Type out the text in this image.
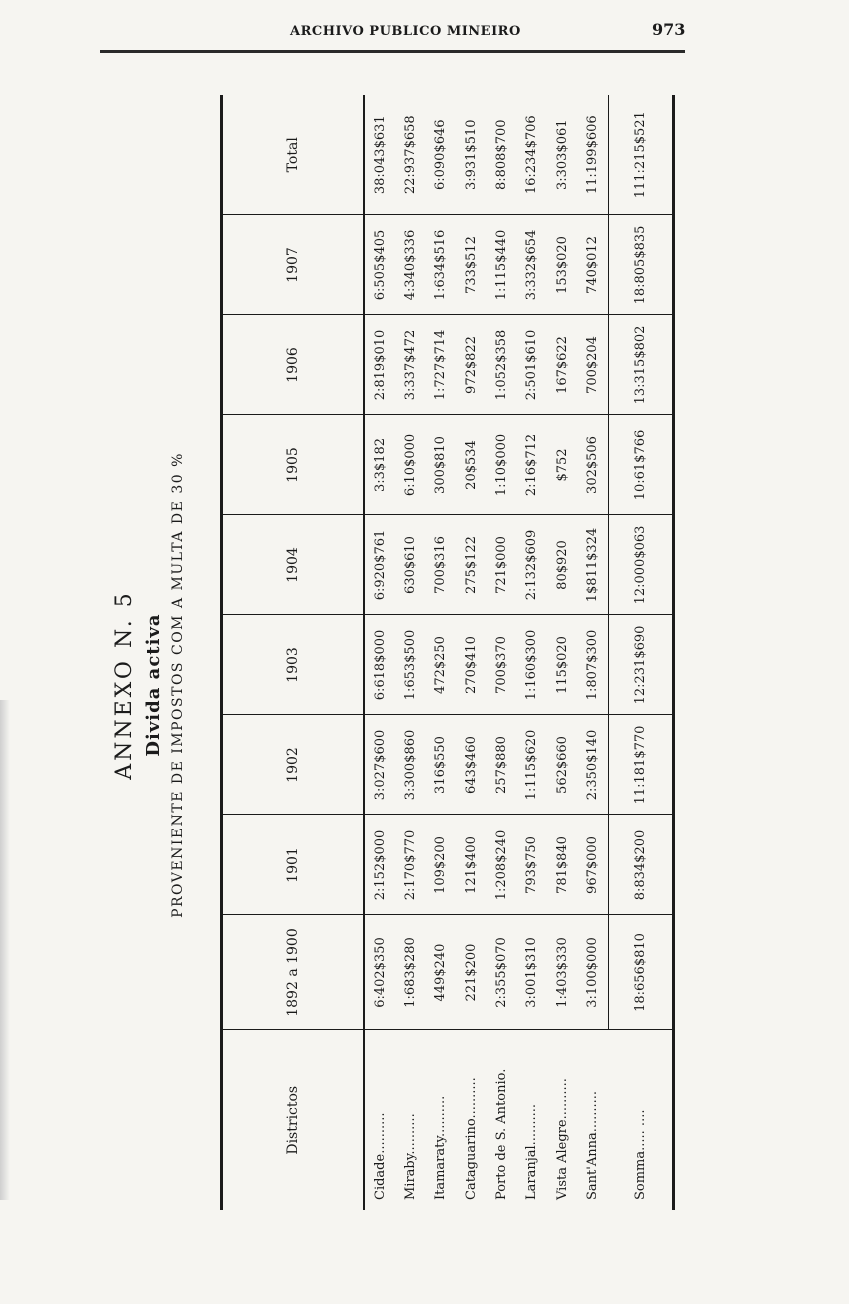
ARCHIVO PUBLICO MINEIRO	973
ANNEXO N. 5 Divida activa PROVENIENTE DE IMPOSTOS COM A MULTA DE 30 %
Districtos	1892 a 1900	1901	1902	1903	1904	1905	1906	1907	Total
Cidade..........	6:402$350	2:152$000	3:027$600	6:618$000	6:920$761	3:3$182	2:819$010	6:505$405	38:043$631
Miraby..........	1:683$280	2:170$770	3:300$860	1:653$500	630$610	6:10$000	3:337$472	4:340$336	22:937$658
Itamaraty..........	449$240	109$200	316$550	472$250	700$316	300$810	1:727$714	1:634$516	6:090$646
Cataguarino..........	221$200	121$400	643$460	270$410	275$122	20$534	972$822	733$512	3:931$510
Porto de S. Antonio.	2:355$070	1:208$240	257$880	700$370	721$000	1:10$000	1:052$358	1:115$440	8:808$700
Laranjal..........	3:001$310	793$750	1:115$620	1:160$300	2:132$609	2:16$712	2:501$610	3:332$654	16:234$706
Vista Alegre..........	1:403$330	781$840	562$660	115$020	80$920	$752	167$622	153$020	3:303$061
Sant'Anna..........	3:100$000	967$000	2:350$140	1:807$300	1$811$324	302$506	700$204	740$012	11:199$606
Somma..... ....	18:656$810	8:834$200	11:181$770	12:231$690	12:000$063	10:61$766	13:315$802	18:805$835	111:215$521
